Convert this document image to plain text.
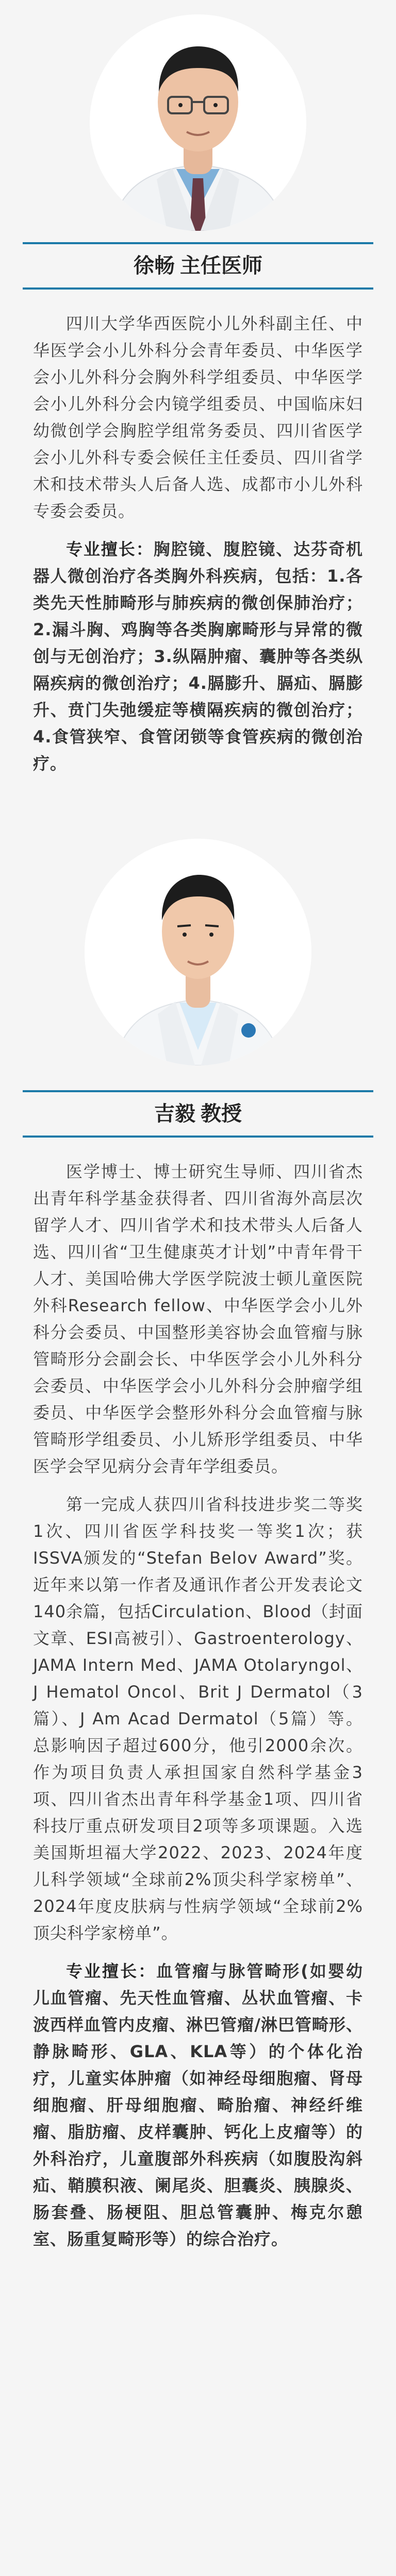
徐畅 主任医师

四川大学华西医院小儿外科副主任、中华医学会小儿外科分会青年委员、中华医学会小儿外科分会胸外科学组委员、中华医学会小儿外科分会内镜学组委员、中国临床妇幼微创学会胸腔学组常务委员、四川省医学会小儿外科专委会候任主任委员、四川省学术和技术带头人后备人选、成都市小儿外科专委会委员。

专业擅长：胸腔镜、腹腔镜、达芬奇机器人微创治疗各类胸外科疾病，包括：1.各类先天性肺畸形与肺疾病的微创保肺治疗；2.漏斗胸、鸡胸等各类胸廓畸形与异常的微创与无创治疗；3.纵隔肿瘤、囊肿等各类纵隔疾病的微创治疗；4.膈膨升、膈疝、膈膨升、贲门失弛缓症等横隔疾病的微创治疗；4.食管狭窄、食管闭锁等食管疾病的微创治疗。

吉毅 教授

医学博士、博士研究生导师、四川省杰出青年科学基金获得者、四川省海外高层次留学人才、四川省学术和技术带头人后备人选、四川省“卫生健康英才计划”中青年骨干人才、美国哈佛大学医学院波士顿儿童医院外科Research fellow、中华医学会小儿外科分会委员、中国整形美容协会血管瘤与脉管畸形分会副会长、中华医学会小儿外科分会委员、中华医学会小儿外科分会肿瘤学组委员、中华医学会整形外科分会血管瘤与脉管畸形学组委员、小儿矫形学组委员、中华医学会罕见病分会青年学组委员。

第一完成人获四川省科技进步奖二等奖1次、四川省医学科技奖一等奖1次；获ISSVA颁发的“Stefan Belov Award”奖。近年来以第一作者及通讯作者公开发表论文140余篇，包括Circulation、Blood（封面文章、ESI高被引）、Gastroenterology、JAMA Intern Med、JAMA Otolaryngol、J Hematol Oncol、Brit J Dermatol（3篇）、J Am Acad Dermatol（5篇）等。总影响因子超过600分，他引2000余次。作为项目负责人承担国家自然科学基金3项、四川省杰出青年科学基金1项、四川省科技厅重点研发项目2项等多项课题。入选美国斯坦福大学2022、2023、2024年度儿科学领域“全球前2%顶尖科学家榜单”、2024年度皮肤病与性病学领域“全球前2%顶尖科学家榜单”。

专业擅长：血管瘤与脉管畸形(如婴幼儿血管瘤、先天性血管瘤、丛状血管瘤、卡波西样血管内皮瘤、淋巴管瘤/淋巴管畸形、静脉畸形、GLA、KLA等）的个体化治疗，儿童实体肿瘤（如神经母细胞瘤、肾母细胞瘤、肝母细胞瘤、畸胎瘤、神经纤维瘤、脂肪瘤、皮样囊肿、钙化上皮瘤等）的外科治疗，儿童腹部外科疾病（如腹股沟斜疝、鞘膜积液、阑尾炎、胆囊炎、胰腺炎、肠套叠、肠梗阻、胆总管囊肿、梅克尔憩室、肠重复畸形等）的综合治疗。
